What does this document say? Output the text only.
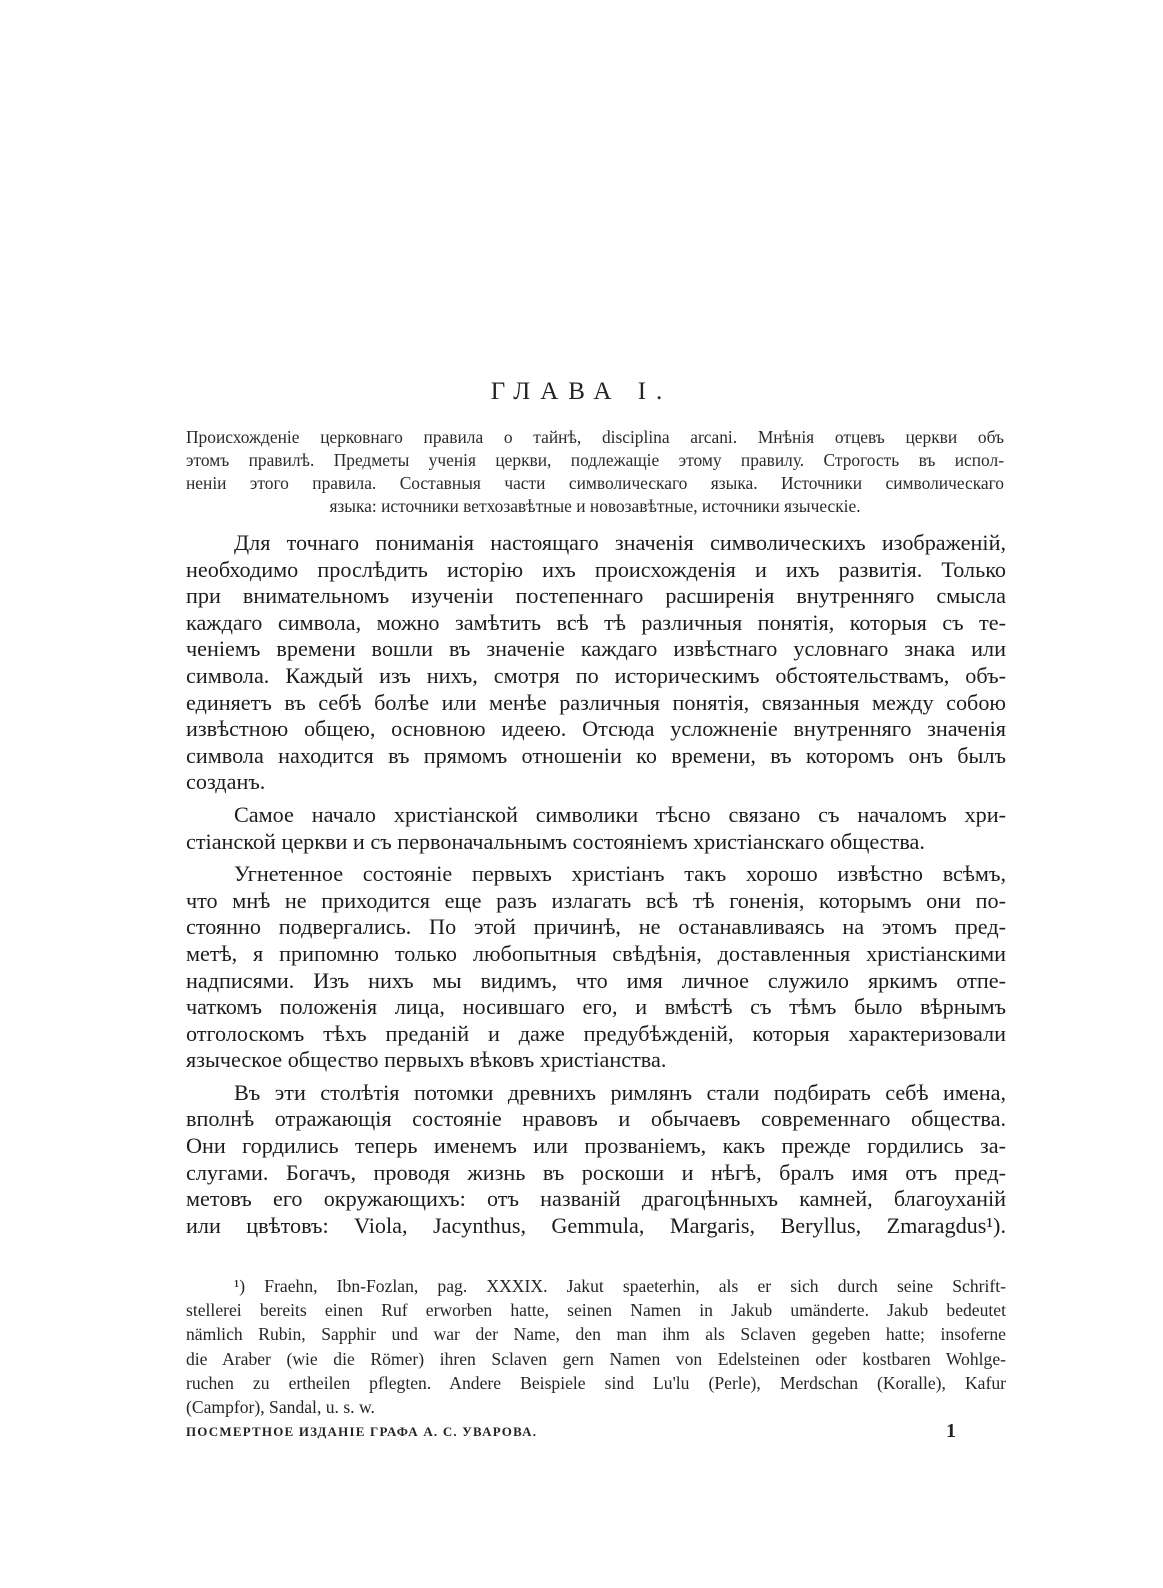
ГЛАВА I.
Происхожденіе церковнаго правила о тайнѣ, disciplina arcani. Мнѣнія отцевъ церкви объ
этомъ правилѣ. Предметы ученія церкви, подлежащіе этому правилу. Строгость въ испол-
неніи этого правила. Составныя части символическаго языка. Источники символическаго
языка: источники ветхозавѣтные и новозавѣтные, источники языческіе.
Для точнаго пониманія настоящаго значенія символическихъ изображеній,
необходимо прослѣдить исторію ихъ происхожденія и ихъ развитія. Только
при внимательномъ изученіи постепеннаго расширенія внутренняго смысла
каждаго символа, можно замѣтить всѣ тѣ различныя понятія, которыя съ те-
ченіемъ времени вошли въ значеніе каждаго извѣстнаго условнаго знака или
символа. Каждый изъ нихъ, смотря по историческимъ обстоятельствамъ, объ-
единяетъ въ себѣ болѣе или менѣе различныя понятія, связанныя между собою
извѣстною общею, основною идеею. Отсюда усложненіе внутренняго значенія
символа находится въ прямомъ отношеніи ко времени, въ которомъ онъ былъ
созданъ.
Самое начало христіанской символики тѣсно связано съ началомъ хри-
стіанской церкви и съ первоначальнымъ состояніемъ христіанскаго общества.
Угнетенное состояніе первыхъ христіанъ такъ хорошо извѣстно всѣмъ,
что мнѣ не приходится еще разъ излагать всѣ тѣ гоненія, которымъ они по-
стоянно подвергались. По этой причинѣ, не останавливаясь на этомъ пред-
метѣ, я припомню только любопытныя свѣдѣнія, доставленныя христіанскими
надписями. Изъ нихъ мы видимъ, что имя личное служило яркимъ отпе-
чаткомъ положенія лица, носившаго его, и вмѣстѣ съ тѣмъ было вѣрнымъ
отголоскомъ тѣхъ преданій и даже предубѣжденій, которыя характеризовали
языческое общество первыхъ вѣковъ христіанства.
Въ эти столѣтія потомки древнихъ римлянъ стали подбирать себѣ имена,
вполнѣ отражающія состояніе нравовъ и обычаевъ современнаго общества.
Они гордились теперь именемъ или прозваніемъ, какъ прежде гордились за-
слугами. Богачъ, проводя жизнь въ роскоши и нѣгѣ, бралъ имя отъ пред-
метовъ его окружающихъ: отъ названій драгоцѣнныхъ камней, благоуханій
или цвѣтовъ: Viola, Jacynthus, Gemmula, Margaris, Beryllus, Zmaragdus¹).
¹) Fraehn, Ibn-Fozlan, pag. XXXIX. Jakut spaeterhin, als er sich durch seine Schrift-
stellerei bereits einen Ruf erworben hatte, seinen Namen in Jakub umänderte. Jakub bedeutet
nämlich Rubin, Sapphir und war der Name, den man ihm als Sclaven gegeben hatte; insoferne
die Araber (wie die Römer) ihren Sclaven gern Namen von Edelsteinen oder kostbaren Wohlge-
ruchen zu ertheilen pflegten. Andere Beispiele sind Lu'lu (Perle), Merdschan (Koralle), Kafur
(Campfor), Sandal, u. s. w.
ПОСМЕРТНОЕ ИЗДАНІЕ ГРАФА А. С. УВАРОВА.	1
